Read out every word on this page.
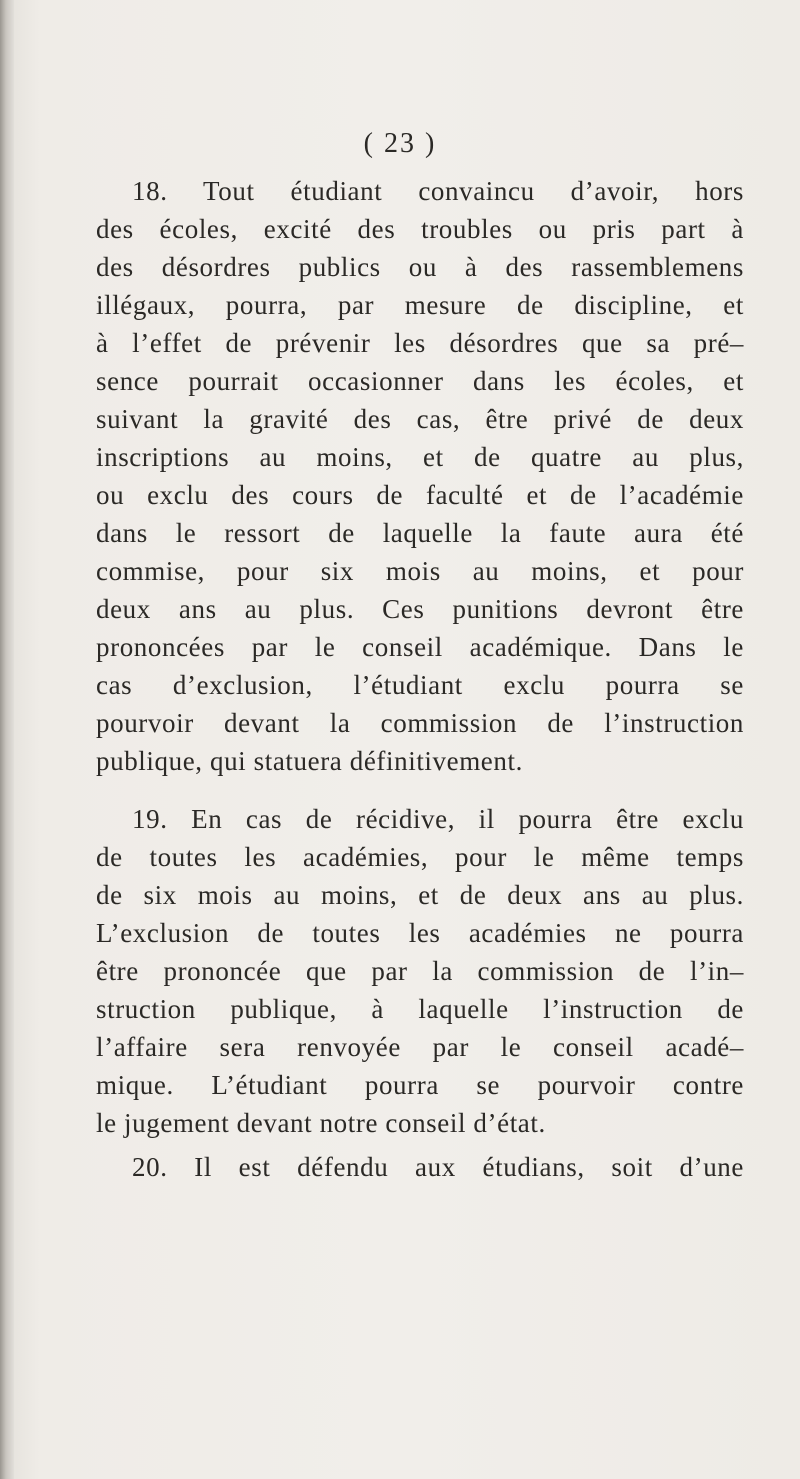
( 23 )
18. Tout étudiant convaincu d’avoir, hors
des écoles, excité des troubles ou pris part à
des désordres publics ou à des rassemblemens
illégaux, pourra, par mesure de discipline, et
à l’effet de prévenir les désordres que sa pré–
sence pourrait occasionner dans les écoles, et
suivant la gravité des cas, être privé de deux
inscriptions au moins, et de quatre au plus,
ou exclu des cours de faculté et de l’académie
dans le ressort de laquelle la faute aura été
commise, pour six mois au moins, et pour
deux ans au plus. Ces punitions devront être
prononcées par le conseil académique. Dans le
cas d’exclusion, l’étudiant exclu pourra se
pourvoir devant la commission de l’instruction
publique, qui statuera définitivement.
19. En cas de récidive, il pourra être exclu
de toutes les académies, pour le même temps
de six mois au moins, et de deux ans au plus.
L’exclusion de toutes les académies ne pourra
être prononcée que par la commission de l’in–
struction publique, à laquelle l’instruction de
l’affaire sera renvoyée par le conseil acadé–
mique. L’étudiant pourra se pourvoir contre
le jugement devant notre conseil d’état.
20. Il est défendu aux étudians, soit d’une
